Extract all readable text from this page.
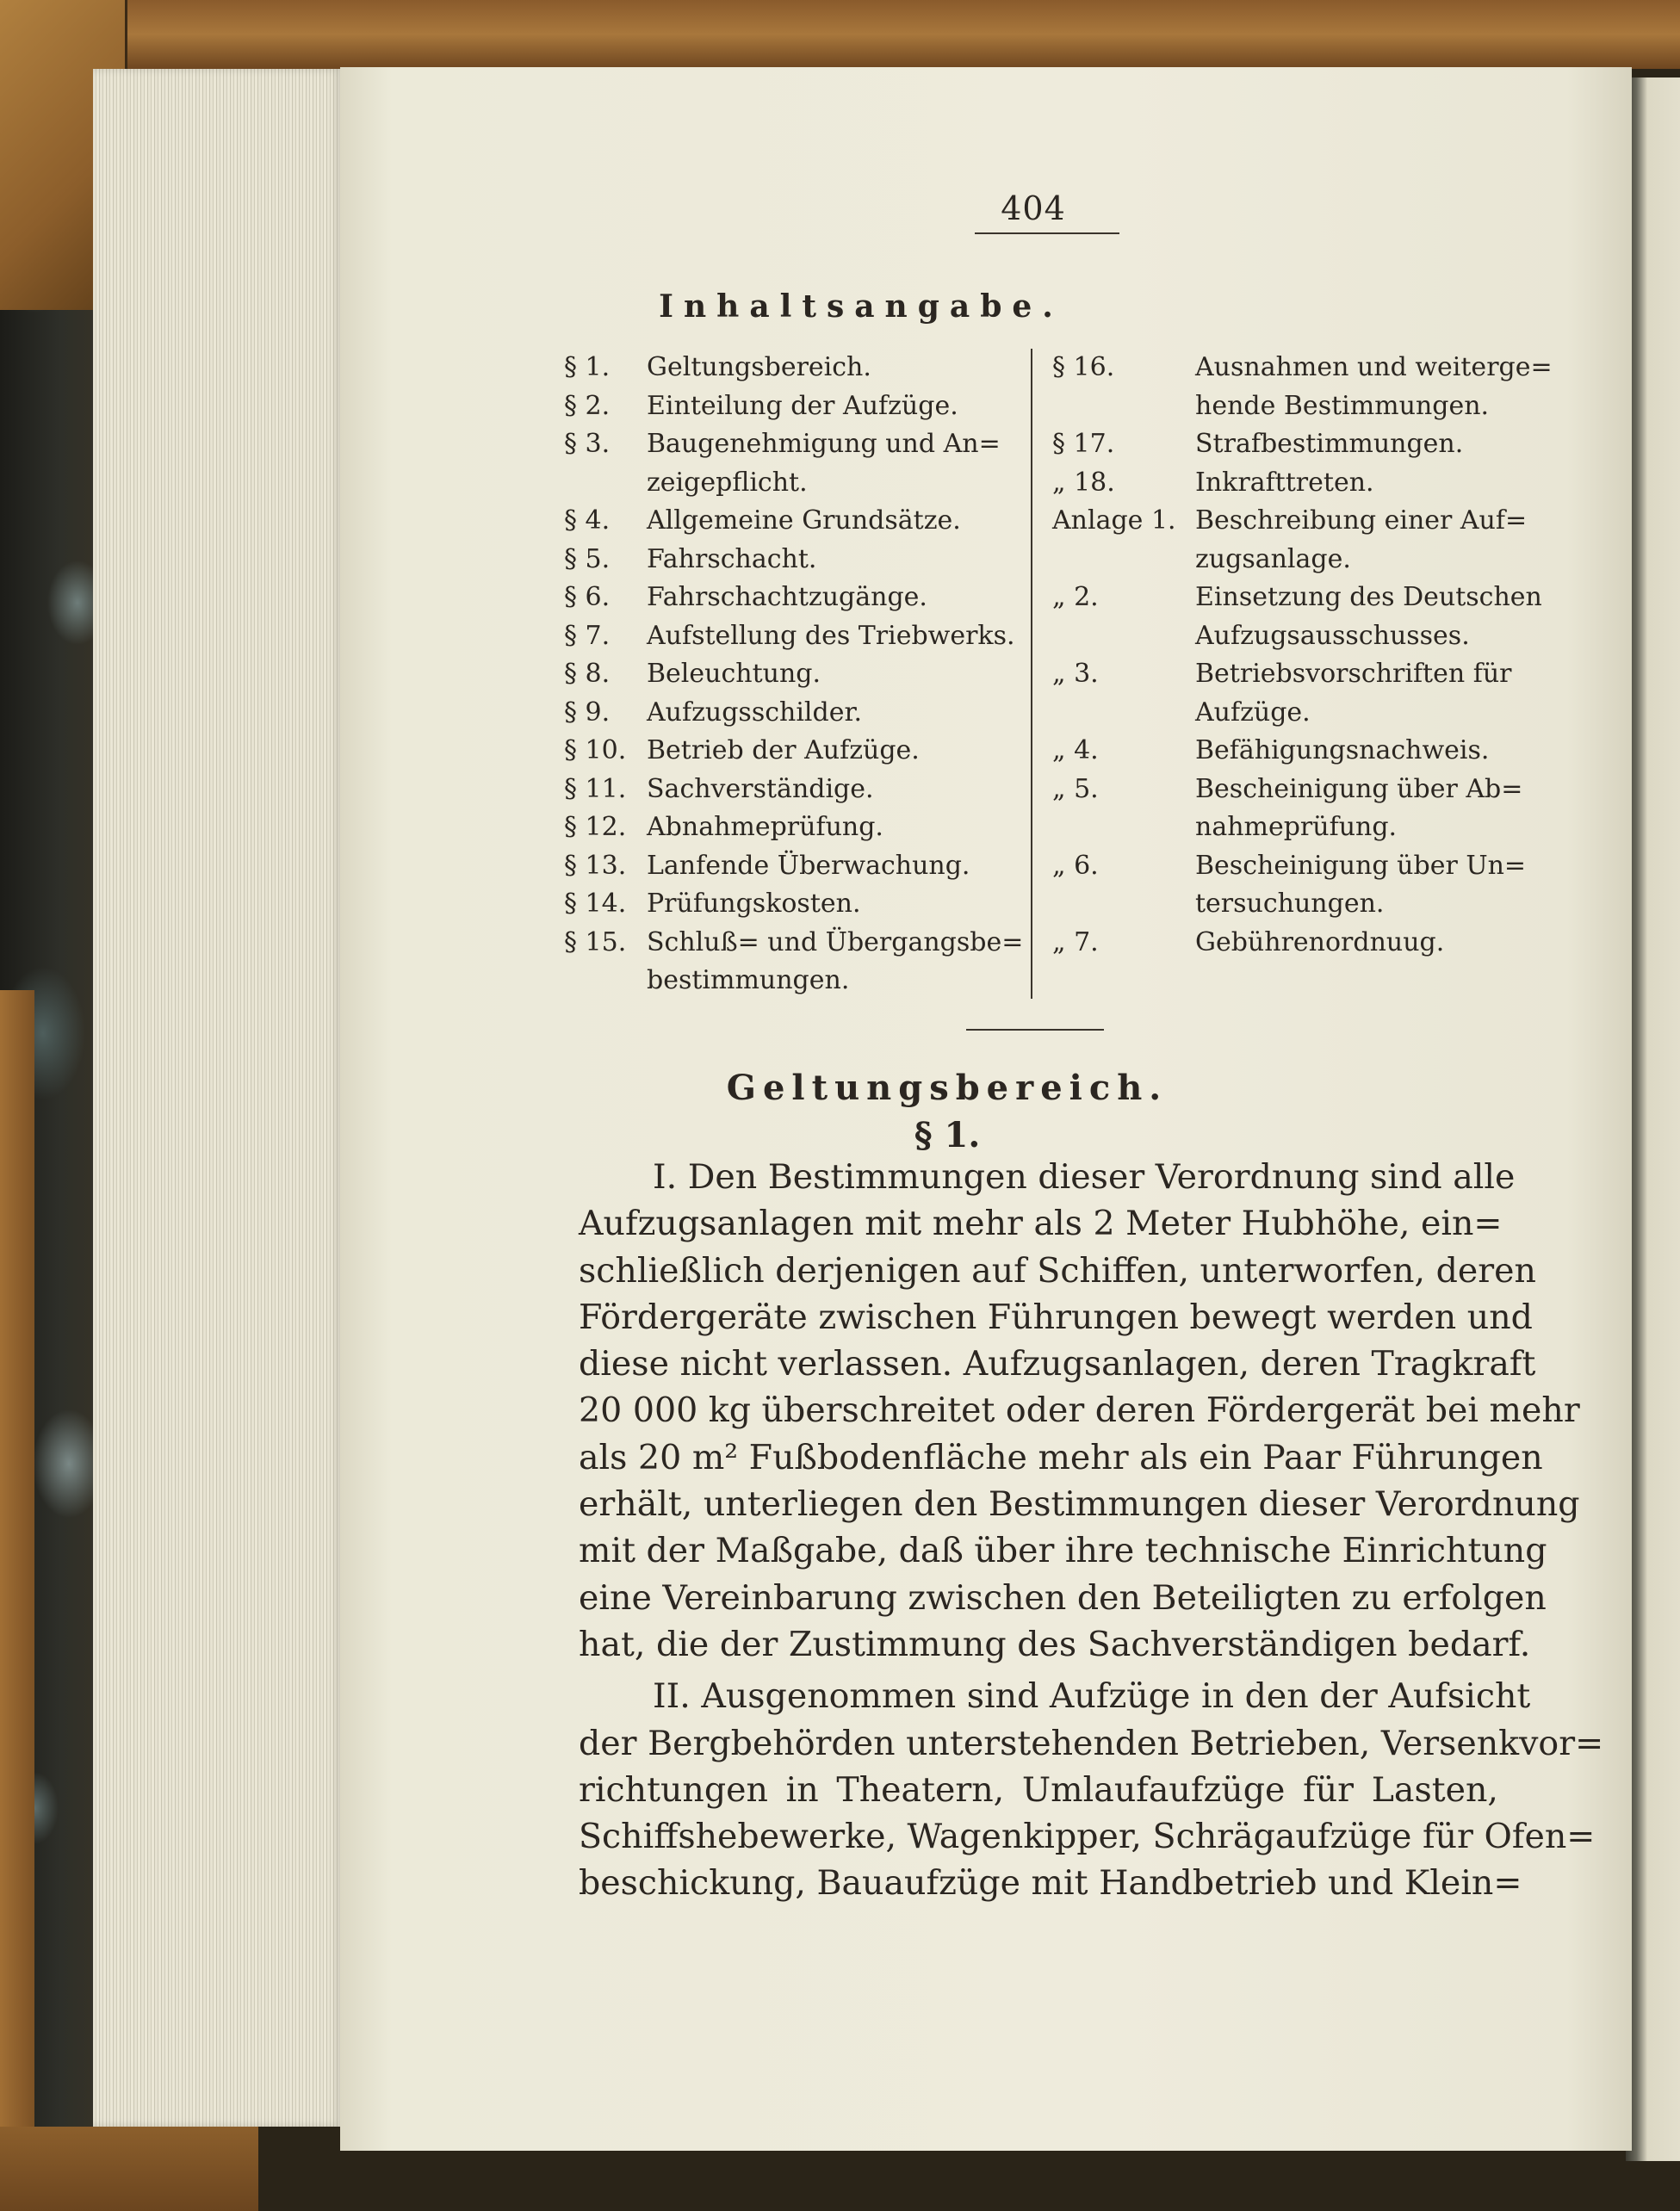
404
Inhaltsangabe.
§ 1.	Geltungsbereich.
§ 2.	Einteilung der Aufzüge.
§ 3.	Baugenehmigung und An=
zeigepflicht.
§ 4.	Allgemeine Grundsätze.
§ 5.	Fahrschacht.
§ 6.	Fahrschachtzugänge.
§ 7.	Aufstellung des Triebwerks.
§ 8.	Beleuchtung.
§ 9.	Aufzugsschilder.
§ 10. Betrieb der Aufzüge.
§ 11. Sachverständige.
§ 12. Abnahmeprüfung.
§ 13. Lanfende Überwachung.
§ 14. Prüfungskosten.
§ 15. Schluß= und Übergangsbe=
bestimmungen.
§ 16.	Ausnahmen und weiterge=
hende Bestimmungen.
§ 17.	Strafbestimmungen.
„ 18.	Inkrafttreten.
Anlage 1. Beschreibung einer Auf=
zugsanlage.
„ 2.	Einsetzung des Deutschen
Aufzugsausschusses.
„ 3.	Betriebsvorschriften für
Aufzüge.
„ 4.	Befähigungsnachweis.
„ 5.	Bescheinigung über Ab=
nahmeprüfung.
„ 6.	Bescheinigung über Un=
tersuchungen.
„ 7.	Gebührenordnuug.
Geltungsbereich.
§ 1.
I. Den Bestimmungen dieser Verordnung sind alle
Aufzugsanlagen mit mehr als 2 Meter Hubhöhe, ein=
schließlich derjenigen auf Schiffen, unterworfen, deren
Fördergeräte zwischen Führungen bewegt werden und
diese nicht verlassen. Aufzugsanlagen, deren Tragkraft
20 000 kg überschreitet oder deren Fördergerät bei mehr
als 20 m² Fußbodenfläche mehr als ein Paar Führungen
erhält, unterliegen den Bestimmungen dieser Verordnung
mit der Maßgabe, daß über ihre technische Einrichtung
eine Vereinbarung zwischen den Beteiligten zu erfolgen
hat, die der Zustimmung des Sachverständigen bedarf.
II. Ausgenommen sind Aufzüge in den der Aufsicht
der Bergbehörden unterstehenden Betrieben, Versenkvor=
richtungen in Theatern, Umlaufaufzüge für Lasten,
Schiffshebewerke, Wagenkipper, Schrägaufzüge für Ofen=
beschickung, Bauaufzüge mit Handbetrieb und Klein=
